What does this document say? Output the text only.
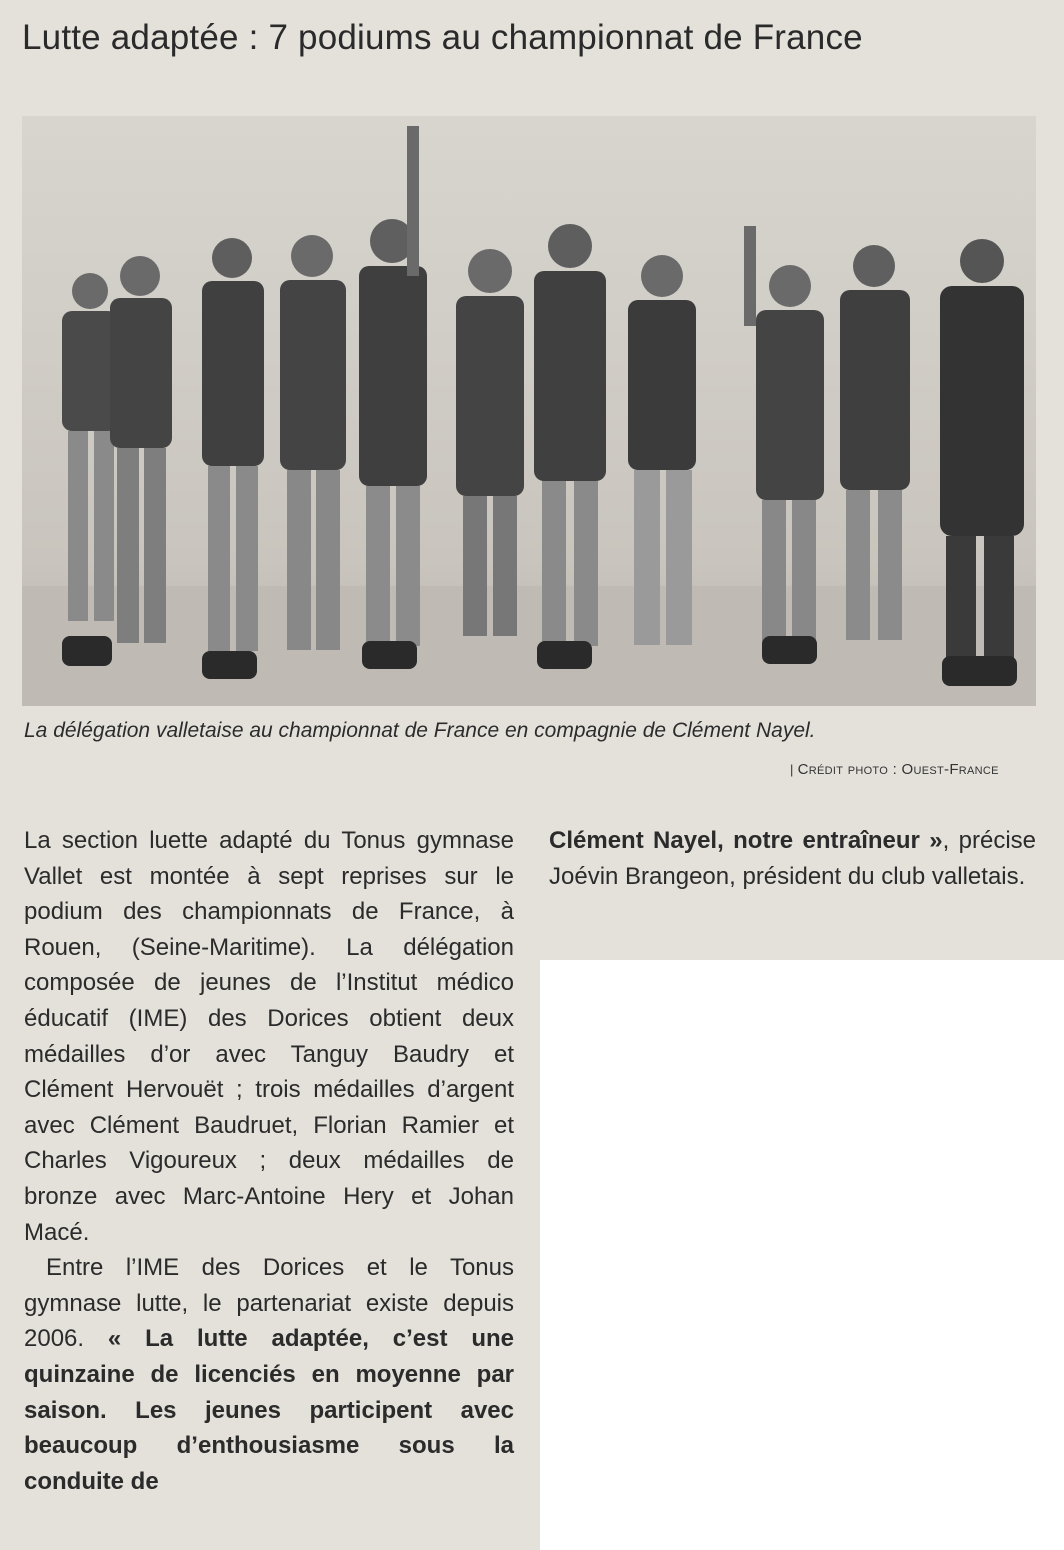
Lutte adaptée : 7 podiums au championnat de France

La délégation valletaise au championnat de France en compagnie de Clément Nayel.

| Crédit photo : Ouest-France

La section luette adapté du Tonus gymnase Vallet est montée à sept reprises sur le podium des championnats de France, à Rouen, (Seine-Maritime). La délégation composée de jeunes de l’Institut médico éducatif (IME) des Dorices obtient deux médailles d’or avec Tanguy Baudry et Clément Hervouët ; trois médailles d’argent avec Clément Baudruet, Florian Ramier et Charles Vigoureux ; deux médailles de bronze avec Marc-Antoine Hery et Johan Macé.

Entre l’IME des Dorices et le Tonus gymnase lutte, le partenariat existe depuis 2006. « La lutte adaptée, c’est une quinzaine de licenciés en moyenne par saison. Les jeunes participent avec beaucoup d’enthousiasme sous la conduite de

Clément Nayel, notre entraîneur », précise Joévin Brangeon, président du club valletais.
